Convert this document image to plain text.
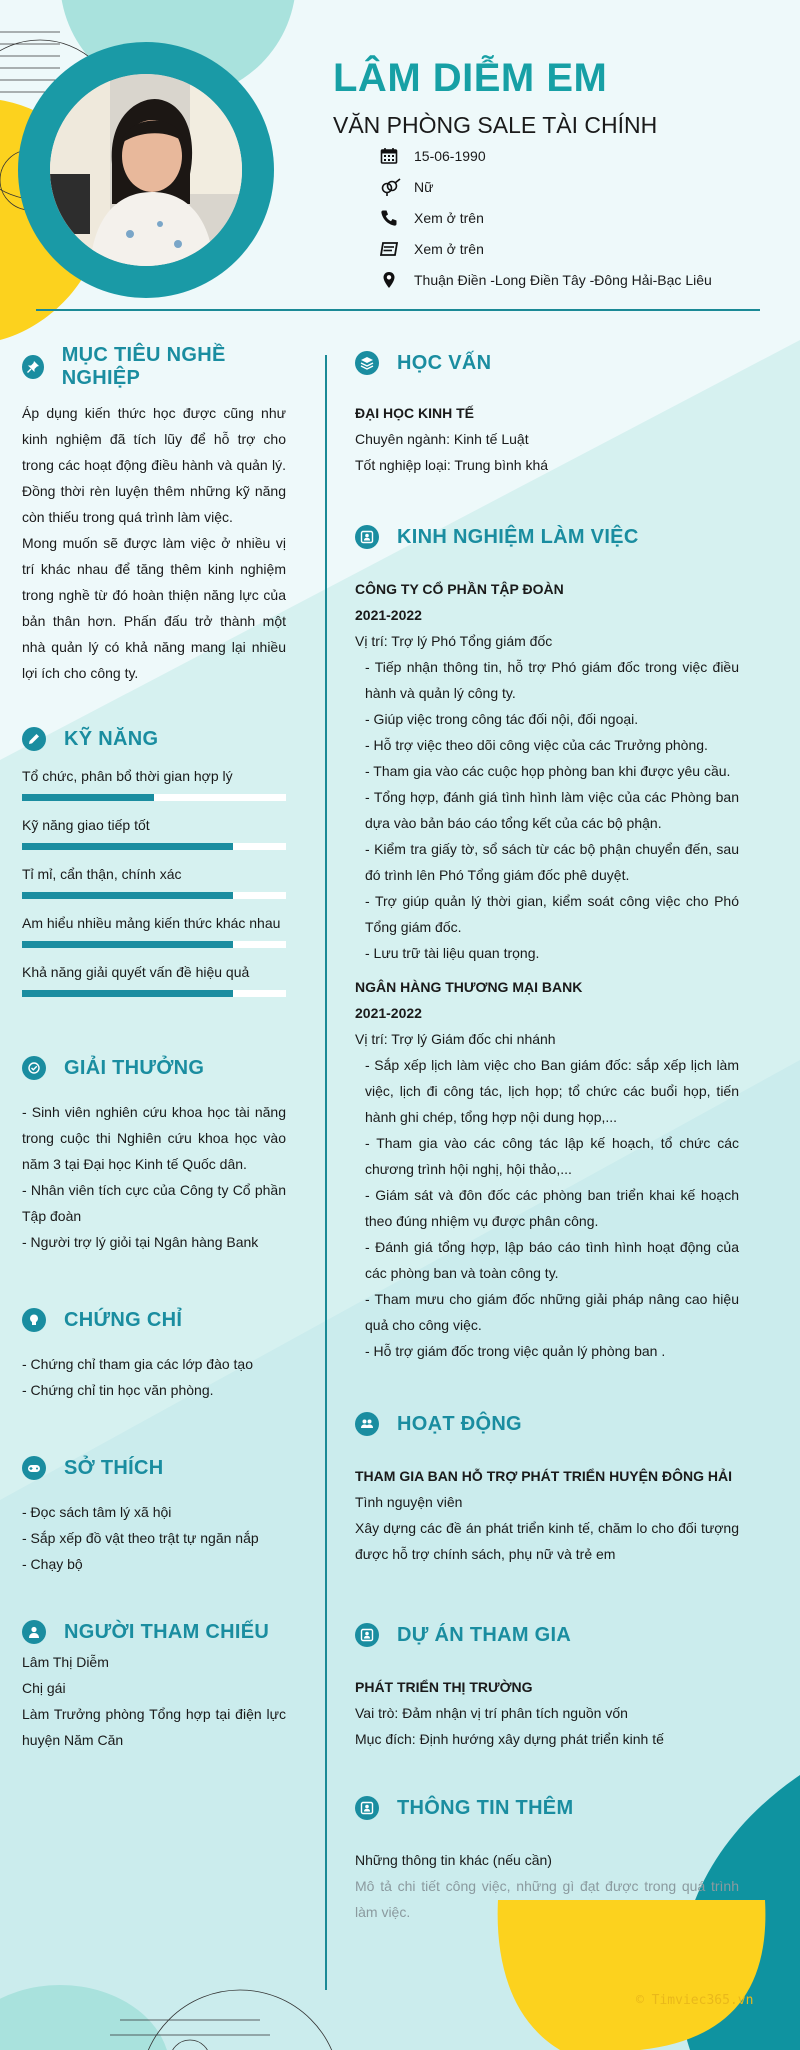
LÂM DIỄM EM
VĂN PHÒNG SALE TÀI CHÍNH
15-06-1990
Nữ
Xem ở trên
Xem ở trên
Thuận Điền -Long Điền Tây -Đông Hải-Bạc Liêu
MỤC TIÊU NGHỀ NGHIỆP
Áp dụng kiến thức học được cũng như kinh nghiệm đã tích lũy để hỗ trợ cho trong các hoạt động điều hành và quản lý. Đồng thời rèn luyện thêm những kỹ năng còn thiếu trong quá trình làm việc.
Mong muốn sẽ được làm việc ở nhiều vị trí khác nhau để tăng thêm kinh nghiệm trong nghề từ đó hoàn thiện năng lực của bản thân hơn. Phấn đấu trở thành một nhà quản lý có khả năng mang lại nhiều lợi ích cho công ty.
KỸ NĂNG
Tổ chức, phân bổ thời gian hợp lý
Kỹ năng giao tiếp tốt
Tỉ mỉ, cẩn thận, chính xác
Am hiểu nhiều mảng kiến thức khác nhau
Khả năng giải quyết vấn đề hiệu quả
GIẢI THƯỞNG
- Sinh viên nghiên cứu khoa học tài năng trong cuộc thi Nghiên cứu khoa học vào năm 3 tại Đại học Kinh tế Quốc dân.
- Nhân viên tích cực của Công ty Cổ phần Tập đoàn
- Người trợ lý giỏi tại Ngân hàng Bank
CHỨNG CHỈ
- Chứng chỉ tham gia các lớp đào tạo
- Chứng chỉ tin học văn phòng.
SỞ THÍCH
- Đọc sách tâm lý xã hội
- Sắp xếp đồ vật theo trật tự ngăn nắp
- Chạy bộ
NGƯỜI THAM CHIẾU
Lâm Thị Diễm
Chị gái
Làm Trưởng phòng Tổng hợp tại điện lực huyện Năm Căn
HỌC VẤN
ĐẠI HỌC KINH TẾ
Chuyên ngành: Kinh tế Luật
Tốt nghiệp loại: Trung bình khá
KINH NGHIỆM LÀM VIỆC
CÔNG TY CỔ PHẦN TẬP ĐOÀN
2021-2022
Vị trí: Trợ lý Phó Tổng giám đốc
- Tiếp nhận thông tin, hỗ trợ Phó giám đốc trong việc điều hành và quản lý công ty.
- Giúp việc trong công tác đối nội, đối ngoại.
- Hỗ trợ việc theo dõi công việc của các Trưởng phòng.
- Tham gia vào các cuộc họp phòng ban khi được yêu cầu.
- Tổng hợp, đánh giá tình hình làm việc của các Phòng ban dựa vào bản báo cáo tổng kết của các bộ phận.
- Kiểm tra giấy tờ, sổ sách từ các bộ phận chuyển đến, sau đó trình lên Phó Tổng giám đốc phê duyệt.
- Trợ giúp quản lý thời gian, kiểm soát công việc cho Phó Tổng giám đốc.
- Lưu trữ tài liệu quan trọng.
NGÂN HÀNG THƯƠNG MẠI BANK
2021-2022
Vị trí: Trợ lý Giám đốc chi nhánh
- Sắp xếp lịch làm việc cho Ban giám đốc: sắp xếp lịch làm việc, lịch đi công tác, lịch họp; tổ chức các buổi họp, tiến hành ghi chép, tổng hợp nội dung họp,...
- Tham gia vào các công tác lập kế hoạch, tổ chức các chương trình hội nghị, hội thảo,...
- Giám sát và đôn đốc các phòng ban triển khai kế hoạch theo đúng nhiệm vụ được phân công.
- Đánh giá tổng hợp, lập báo cáo tình hình hoạt động của các phòng ban và toàn công ty.
- Tham mưu cho giám đốc những giải pháp nâng cao hiệu quả cho công việc.
- Hỗ trợ giám đốc trong việc quản lý phòng ban .
HOẠT ĐỘNG
THAM GIA BAN HỖ TRỢ PHÁT TRIỂN HUYỆN ĐÔNG HẢI
Tình nguyện viên
Xây dựng các đề án phát triển kinh tế, chăm lo cho đối tượng được hỗ trợ chính sách, phụ nữ và trẻ em
DỰ ÁN THAM GIA
PHÁT TRIỂN THỊ TRƯỜNG
Vai trò: Đảm nhận vị trí phân tích nguồn vốn
Mục đích: Định hướng xây dựng phát triển kinh tế
THÔNG TIN THÊM
Những thông tin khác (nếu cần)
Mô tả chi tiết công việc, những gì đạt được trong quá trình làm việc.
© Timviec365.vn
